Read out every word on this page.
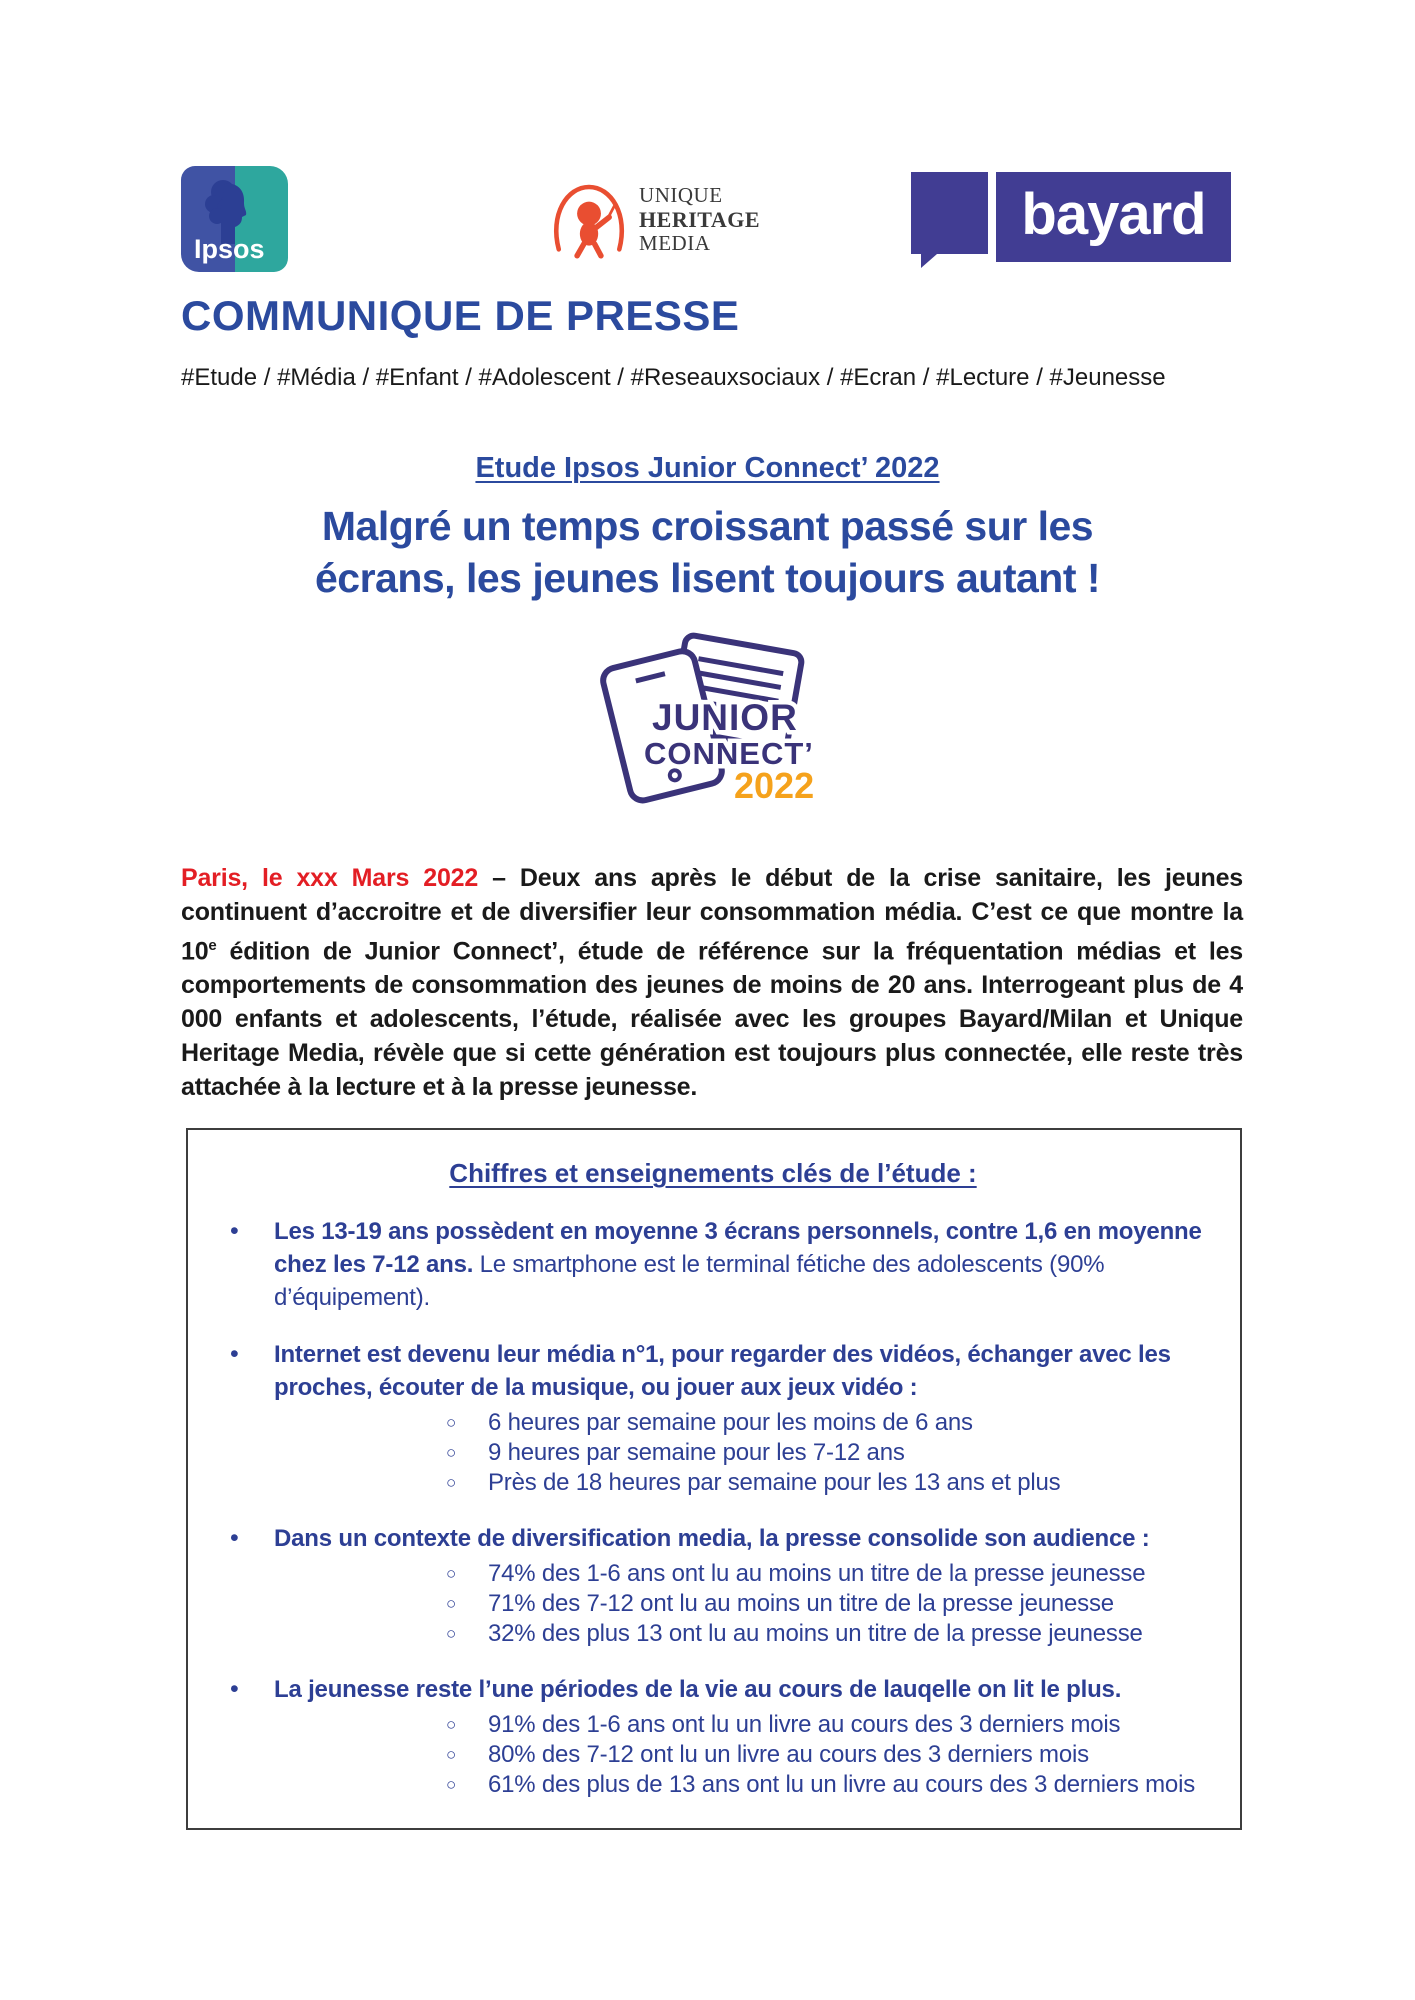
Ipsos
UNIQUE
HERITAGE
MEDIA	bayard
COMMUNIQUE DE PRESSE
#Etude / #Média / #Enfant / #Adolescent / #Reseauxsociaux / #Ecran / #Lecture / #Jeunesse
Etude Ipsos Junior Connect’ 2022
Malgré un temps croissant passé sur les
écrans, les jeunes lisent toujours autant !
JUNIOR
CONNECT’
2022

Paris, le xxx Mars 2022 – Deux ans après le début de la crise sanitaire, les jeunes continuent d’accroitre et de diversifier leur consommation média. C’est ce que montre la 10e édition de Junior Connect’, étude de référence sur la fréquentation médias et les comportements de consommation des jeunes de moins de 20 ans. Interrogeant plus de 4 000 enfants et adolescents, l’étude, réalisée avec les groupes Bayard/Milan et Unique Heritage Media, révèle que si cette génération est toujours plus connectée, elle reste très attachée à la lecture et à la presse jeunesse.

Chiffres et enseignements clés de l’étude :
•	Les 13-19 ans possèdent en moyenne 3 écrans personnels, contre 1,6 en moyenne chez les 7-12 ans. Le smartphone est le terminal fétiche des adolescents (90% d’équipement).
•	Internet est devenu leur média n°1, pour regarder des vidéos, échanger avec les proches, écouter de la musique, ou jouer aux jeux vidéo :
○	6 heures par semaine pour les moins de 6 ans
○	9 heures par semaine pour les 7-12 ans
○	Près de 18 heures par semaine pour les 13 ans et plus
•	Dans un contexte de diversification media, la presse consolide son audience :
○	74% des 1-6 ans ont lu au moins un titre de la presse jeunesse
○	71% des 7-12 ont lu au moins un titre de la presse jeunesse
○	32% des plus 13 ont lu au moins un titre de la presse jeunesse
•	La jeunesse reste l’une périodes de la vie au cours de lauqelle on lit le plus.
○	91% des 1-6 ans ont lu un livre au cours des 3 derniers mois
○	80% des 7-12 ont lu un livre au cours des 3 derniers mois
○	61% des plus de 13 ans ont lu un livre au cours des 3 derniers mois
